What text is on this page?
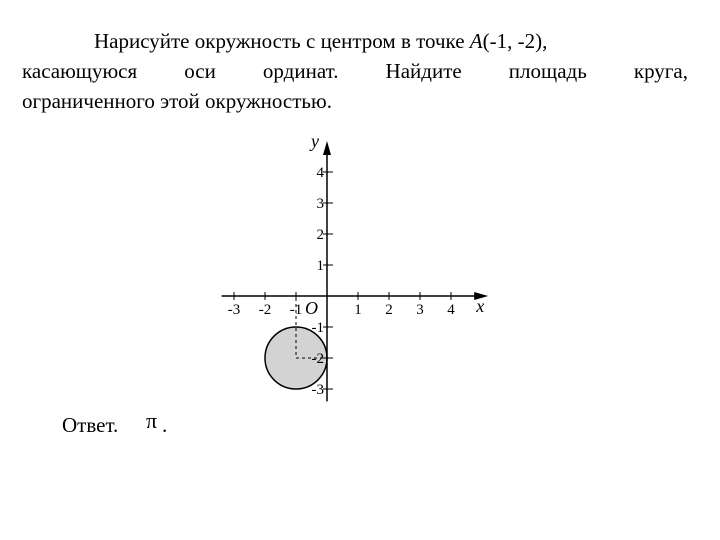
Нарисуйте окружность с центром в точке A(-1, -2),
касающуюся оси ординат. Найдите площадь круга,
ограниченного этой окружностью.

-3 -2 -1	1 2 3 4
4
3
2
1
-1
-2
-3
x
y
O
Ответ. π .
